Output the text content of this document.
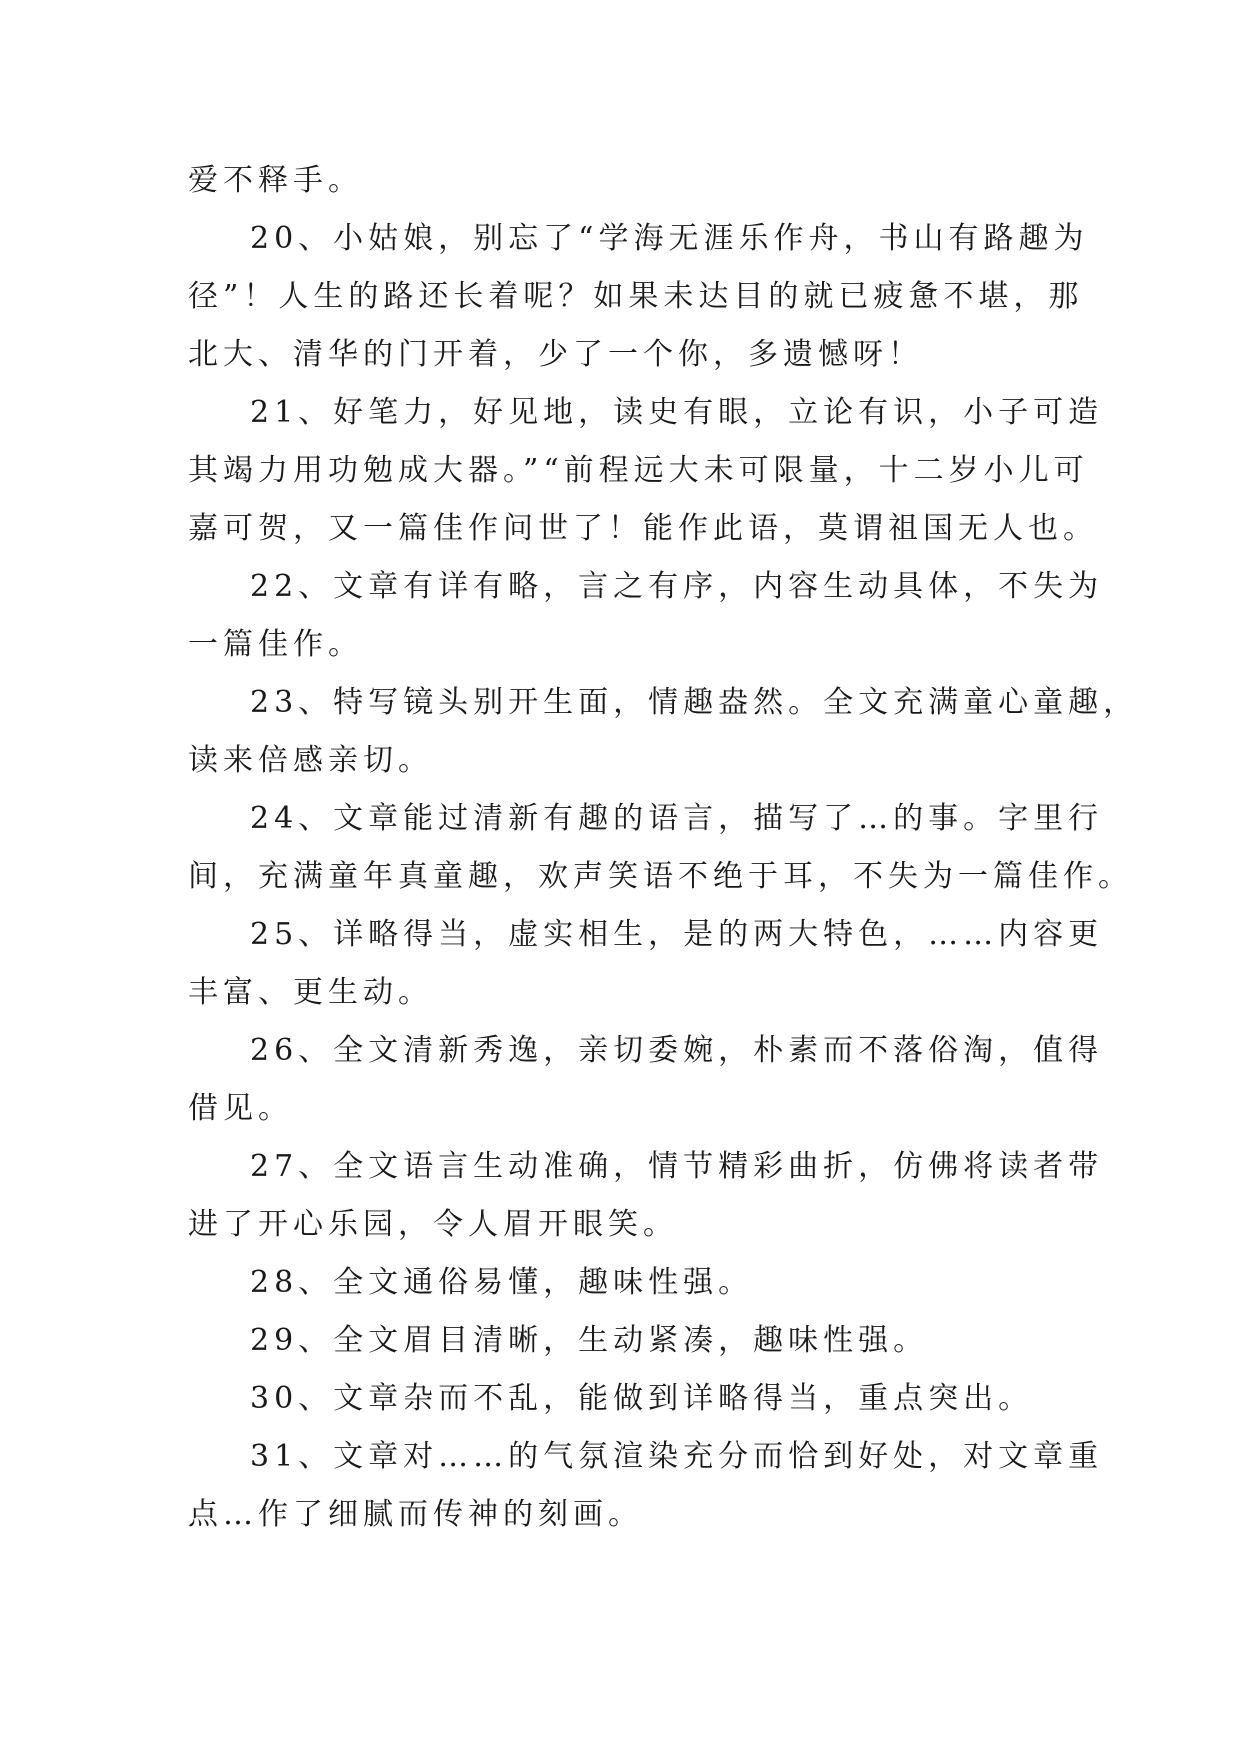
爱不释手。
20、小姑娘，别忘了“学海无涯乐作舟，书山有路趣为
径”！人生的路还长着呢？如果未达目的就已疲惫不堪，那
北大、清华的门开着，少了一个你，多遗憾呀！
21、好笔力，好见地，读史有眼，立论有识，小子可造
其竭力用功勉成大器。”“前程远大未可限量，十二岁小儿可
嘉可贺，又一篇佳作问世了！能作此语，莫谓祖国无人也。
22、文章有详有略，言之有序，内容生动具体，不失为
一篇佳作。
23、特写镜头别开生面，情趣盎然。全文充满童心童趣，
读来倍感亲切。
24、文章能过清新有趣的语言，描写了…的事。字里行
间，充满童年真童趣，欢声笑语不绝于耳，不失为一篇佳作。
25、详略得当，虚实相生，是的两大特色，……内容更
丰富、更生动。
26、全文清新秀逸，亲切委婉，朴素而不落俗淘，值得
借见。
27、全文语言生动准确，情节精彩曲折，仿佛将读者带
进了开心乐园，令人眉开眼笑。
28、全文通俗易懂，趣味性强。
29、全文眉目清晰，生动紧凑，趣味性强。
30、文章杂而不乱，能做到详略得当，重点突出。
31、文章对……的气氛渲染充分而恰到好处，对文章重
点…作了细腻而传神的刻画。
